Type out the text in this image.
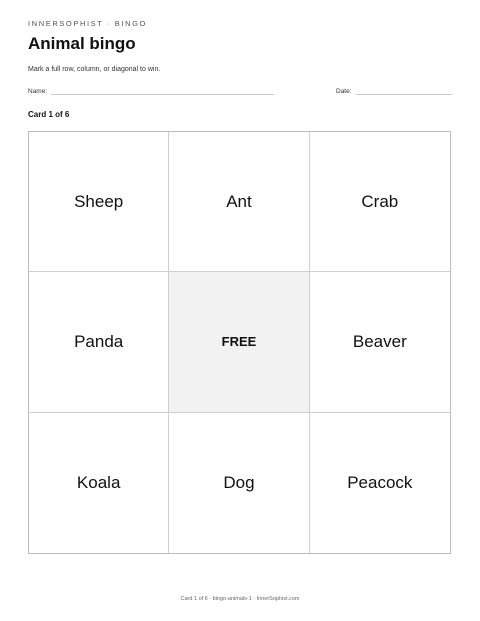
INNERSOPHIST · BINGO
Animal bingo
Mark a full row, column, or diagonal to win.
Name:	Date:
Card 1 of 6
Sheep	Ant	Crab
Panda	FREE	Beaver
Koala	Dog	Peacock
Card 1 of 6 · bingo-animals-1 · InnerSophist.com
